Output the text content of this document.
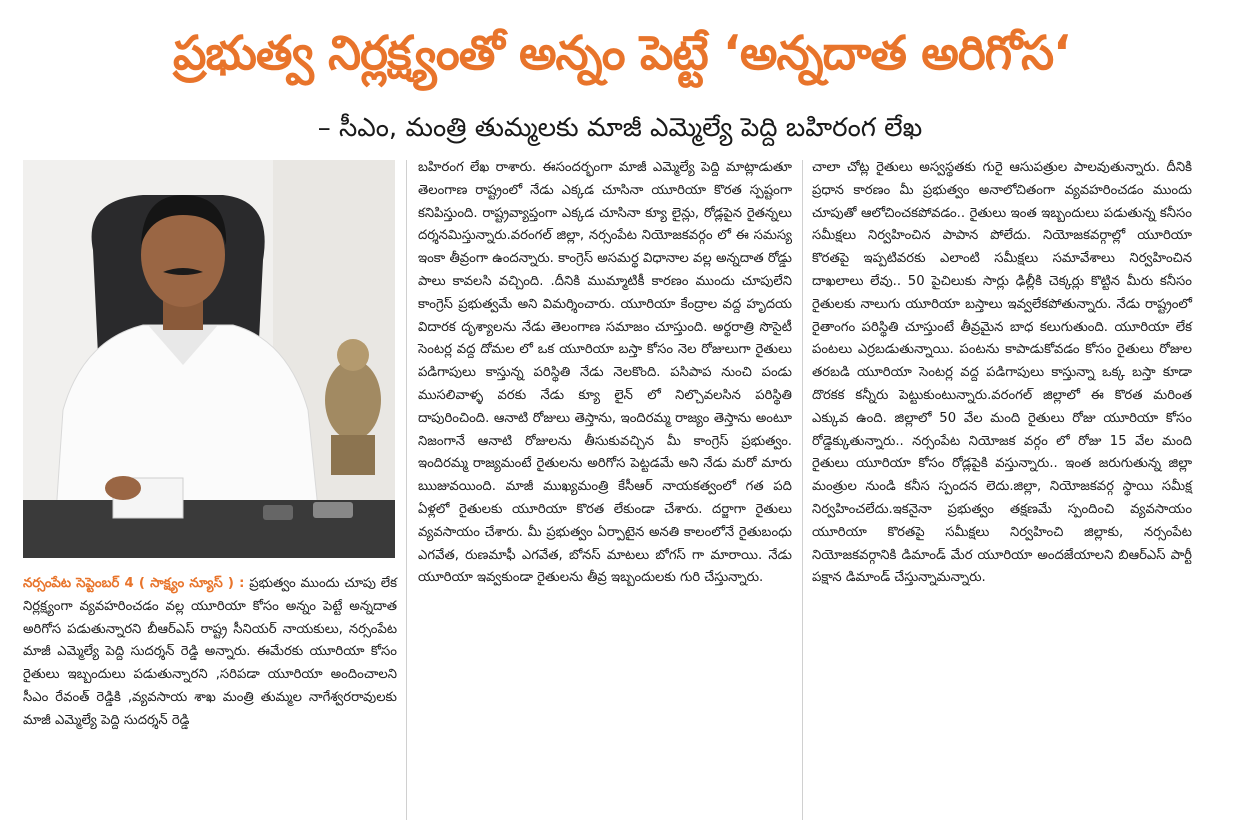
ప్రభుత్వ నిర్లక్ష్యంతో అన్నం పెట్టే ‘అన్నదాత అరిగోస‘
– సీఎం, మంత్రి తుమ్మలకు మాజీ ఎమ్మెల్యే పెద్ది బహిరంగ లేఖ
నర్సంపేట సెప్టెంబర్ 4 ( సాక్ష్యం న్యూస్ ) : ప్రభుత్వం ముందు చూపు లేక నిర్లక్ష్యంగా వ్యవహరించడం వల్ల యూరియా కోసం అన్నం పెట్టే అన్నదాత అరిగోస పడుతున్నారని బీఆర్ఎస్ రాష్ట్ర సీనియర్ నాయకులు, నర్సంపేట మాజీ ఎమ్మెల్యే పెద్ది సుదర్శన్ రెడ్డి అన్నారు. ఈమేరకు యూరియా కోసం రైతులు ఇబ్బందులు పడుతున్నారని ,సరిపడా యూరియా అందించాలని సీఎం రేవంత్ రెడ్డికి ,వ్యవసాయ శాఖ మంత్రి తుమ్మల నాగేశ్వరరావులకు మాజీ ఎమ్మెల్యే పెద్ది సుదర్శన్ రెడ్డి
బహిరంగ లేఖ రాశారు. ఈసందర్భంగా మాజీ ఎమ్మెల్యే పెద్ది మాట్లాడుతూ తెలంగాణ రాష్ట్రంలో నేడు ఎక్కడ చూసినా యూరియా కొరత స్పష్టంగా కనిపిస్తుంది. రాష్ట్రవ్యాప్తంగా ఎక్కడ చూసినా క్యూ లైన్లు, రోడ్లపైన రైతన్నలు దర్శనమిస్తున్నారు.వరంగల్ జిల్లా, నర్సంపేట నియోజకవర్గం లో ఈ సమస్య ఇంకా తీవ్రంగా ఉందన్నారు. కాంగ్రెస్ అసమర్థ విధానాల వల్ల అన్నదాత రోడ్డు పాలు కావలసి వచ్చింది. .దీనికి ముమ్మాటికీ కారణం ముందు చూపులేని కాంగ్రెస్ ప్రభుత్వమే అని విమర్శించారు. యూరియా కేంద్రాల వద్ద హృదయ విదారక దృశ్యాలను నేడు తెలంగాణ సమాజం చూస్తుంది. అర్థరాత్రి సొసైటీ సెంటర్ల వద్ద దోమల లో ఒక యూరియా బస్తా కోసం నెల రోజులుగా రైతులు పడిగాపులు కాస్తున్న పరిస్థితి నేడు నెలకొంది. పసిపాప నుంచి పండు ముసలివాళ్ళ వరకు నేడు క్యూ లైన్ లో నిల్చొవలసిన పరిస్థితి దాపురించింది. ఆనాటి రోజులు తెస్తాను, ఇందిరమ్మ రాజ్యం తెస్తాను అంటూ నిజంగానే ఆనాటి రోజులను తీసుకువచ్చిన మీ కాంగ్రెస్ ప్రభుత్వం. ఇందిరమ్మ రాజ్యమంటే రైతులను అరిగోస పెట్టడమే అని నేడు మరో మారు ఋజువయింది. మాజీ ముఖ్యమంత్రి కేసీఆర్ నాయకత్వంలో గత పది ఏళ్లలో రైతులకు యూరియా కొరత లేకుండా చేశారు. దర్జాగా రైతులు వ్యవసాయం చేశారు. మీ ప్రభుత్వం ఏర్పాటైన అనతి కాలంలోనే రైతుబంధు ఎగవేత, రుణమాఫీ ఎగవేత, బోనస్ మాటలు బోగస్ గా మారాయి. నేడు యూరియా ఇవ్వకుండా రైతులను తీవ్ర ఇబ్బందులకు గురి చేస్తున్నారు.
చాలా చోట్ల రైతులు అస్వస్థతకు గురై ఆసుపత్రుల పాలవుతున్నారు. దీనికి ప్రధాన కారణం మీ ప్రభుత్వం అనాలోచితంగా వ్యవహరించడం ముందు చూపుతో ఆలోచించకపోవడం.. రైతులు ఇంత ఇబ్బందులు పడుతున్న కనీసం సమీక్షలు నిర్వహించిన పాపాన పోలేదు. నియోజకవర్గాల్లో యూరియా కొరతపై ఇప్పటివరకు ఎలాంటి సమీక్షలు సమావేశాలు నిర్వహించిన దాఖలాలు లేవు.. 50 పైచిలుకు సార్లు ఢిల్లీకి చెక్కర్లు కొట్టిన మీరు కనీసం రైతులకు నాలుగు యూరియా బస్తాలు ఇవ్వలేకపోతున్నారు. నేడు రాష్ట్రంలో రైతాంగం పరిస్థితి చూస్తుంటే తీవ్రమైన బాధ కలుగుతుంది. యూరియా లేక పంటలు ఎర్రబడుతున్నాయి. పంటను కాపాడుకోవడం కోసం రైతులు రోజుల తరబడి యూరియా సెంటర్ల వద్ద పడిగాపులు కాస్తున్నా ఒక్క బస్తా కూడా దొరకక కన్నీరు పెట్టుకుంటున్నారు.వరంగల్ జిల్లాలో ఈ కొరత మరింత ఎక్కువ ఉంది. జిల్లాలో 50 వేల మంది రైతులు రోజు యూరియా కోసం రోడ్డెక్కుతున్నారు.. నర్సంపేట నియోజక వర్గం లో రోజు 15 వేల మంది రైతులు యూరియా కోసం రోడ్లపైకి వస్తున్నారు.. ఇంత జరుగుతున్న జిల్లా మంత్రుల నుండి కనీస స్పందన లెదు.జిల్లా, నియోజకవర్గ స్థాయి సమీక్ష నిర్వహించలేదు.ఇకనైనా ప్రభుత్వం తక్షణమే స్పందించి వ్యవసాయం యూరియా కొరతపై సమీక్షలు నిర్వహించి జిల్లాకు, నర్సంపేట నియోజకవర్గానికి డిమాండ్ మేర యూరియా అందజేయాలని బిఆర్ఎస్ పార్టీ పక్షాన డిమాండ్ చేస్తున్నామన్నారు.
